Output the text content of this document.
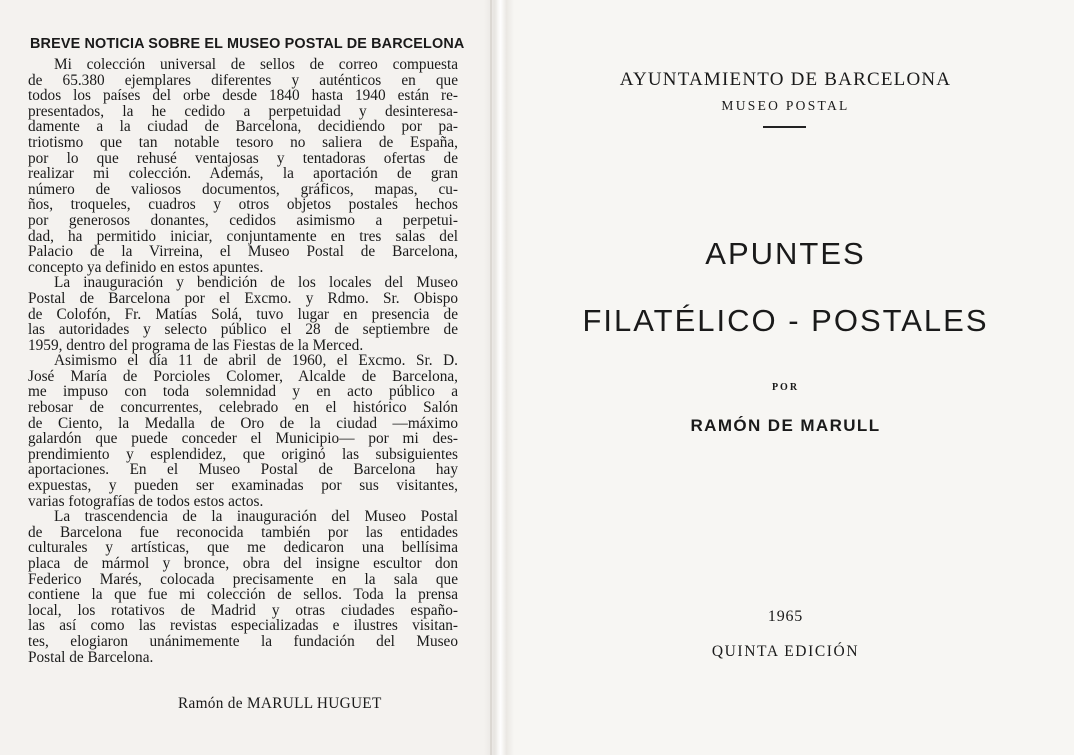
BREVE NOTICIA SOBRE EL MUSEO POSTAL DE BARCELONA
Mi colección universal de sellos de correo compuesta
de 65.380 ejemplares diferentes y auténticos en que
todos los países del orbe desde 1840 hasta 1940 están re-
presentados, la he cedido a perpetuidad y desinteresa-
damente a la ciudad de Barcelona, decidiendo por pa-
triotismo que tan notable tesoro no saliera de España,
por lo que rehusé ventajosas y tentadoras ofertas de
realizar mi colección. Además, la aportación de gran
número de valiosos documentos, gráficos, mapas, cu-
ños, troqueles, cuadros y otros objetos postales hechos
por generosos donantes, cedidos asimismo a perpetui-
dad, ha permitido iniciar, conjuntamente en tres salas del
Palacio de la Virreina, el Museo Postal de Barcelona,
concepto ya definido en estos apuntes.
La inauguración y bendición de los locales del Museo
Postal de Barcelona por el Excmo. y Rdmo. Sr. Obispo
de Colofón, Fr. Matías Solá, tuvo lugar en presencia de
las autoridades y selecto público el 28 de septiembre de
1959, dentro del programa de las Fiestas de la Merced.
Asimismo el día 11 de abril de 1960, el Excmo. Sr. D.
José María de Porcioles Colomer, Alcalde de Barcelona,
me impuso con toda solemnidad y en acto público a
rebosar de concurrentes, celebrado en el histórico Salón
de Ciento, la Medalla de Oro de la ciudad —máximo
galardón que puede conceder el Municipio— por mi des-
prendimiento y esplendidez, que originó las subsiguientes
aportaciones. En el Museo Postal de Barcelona hay
expuestas, y pueden ser examinadas por sus visitantes,
varias fotografías de todos estos actos.
La trascendencia de la inauguración del Museo Postal
de Barcelona fue reconocida también por las entidades
culturales y artísticas, que me dedicaron una bellísima
placa de mármol y bronce, obra del insigne escultor don
Federico Marés, colocada precisamente en la sala que
contiene la que fue mi colección de sellos. Toda la prensa
local, los rotativos de Madrid y otras ciudades españo-
las así como las revistas especializadas e ilustres visitan-
tes, elogiaron unánimemente la fundación del Museo
Postal de Barcelona.
Ramón de MARULL HUGUET
AYUNTAMIENTO DE BARCELONA
MUSEO POSTAL
APUNTES
FILATÉLICO - POSTALES
POR
RAMÓN DE MARULL
1965
QUINTA EDICIÓN
